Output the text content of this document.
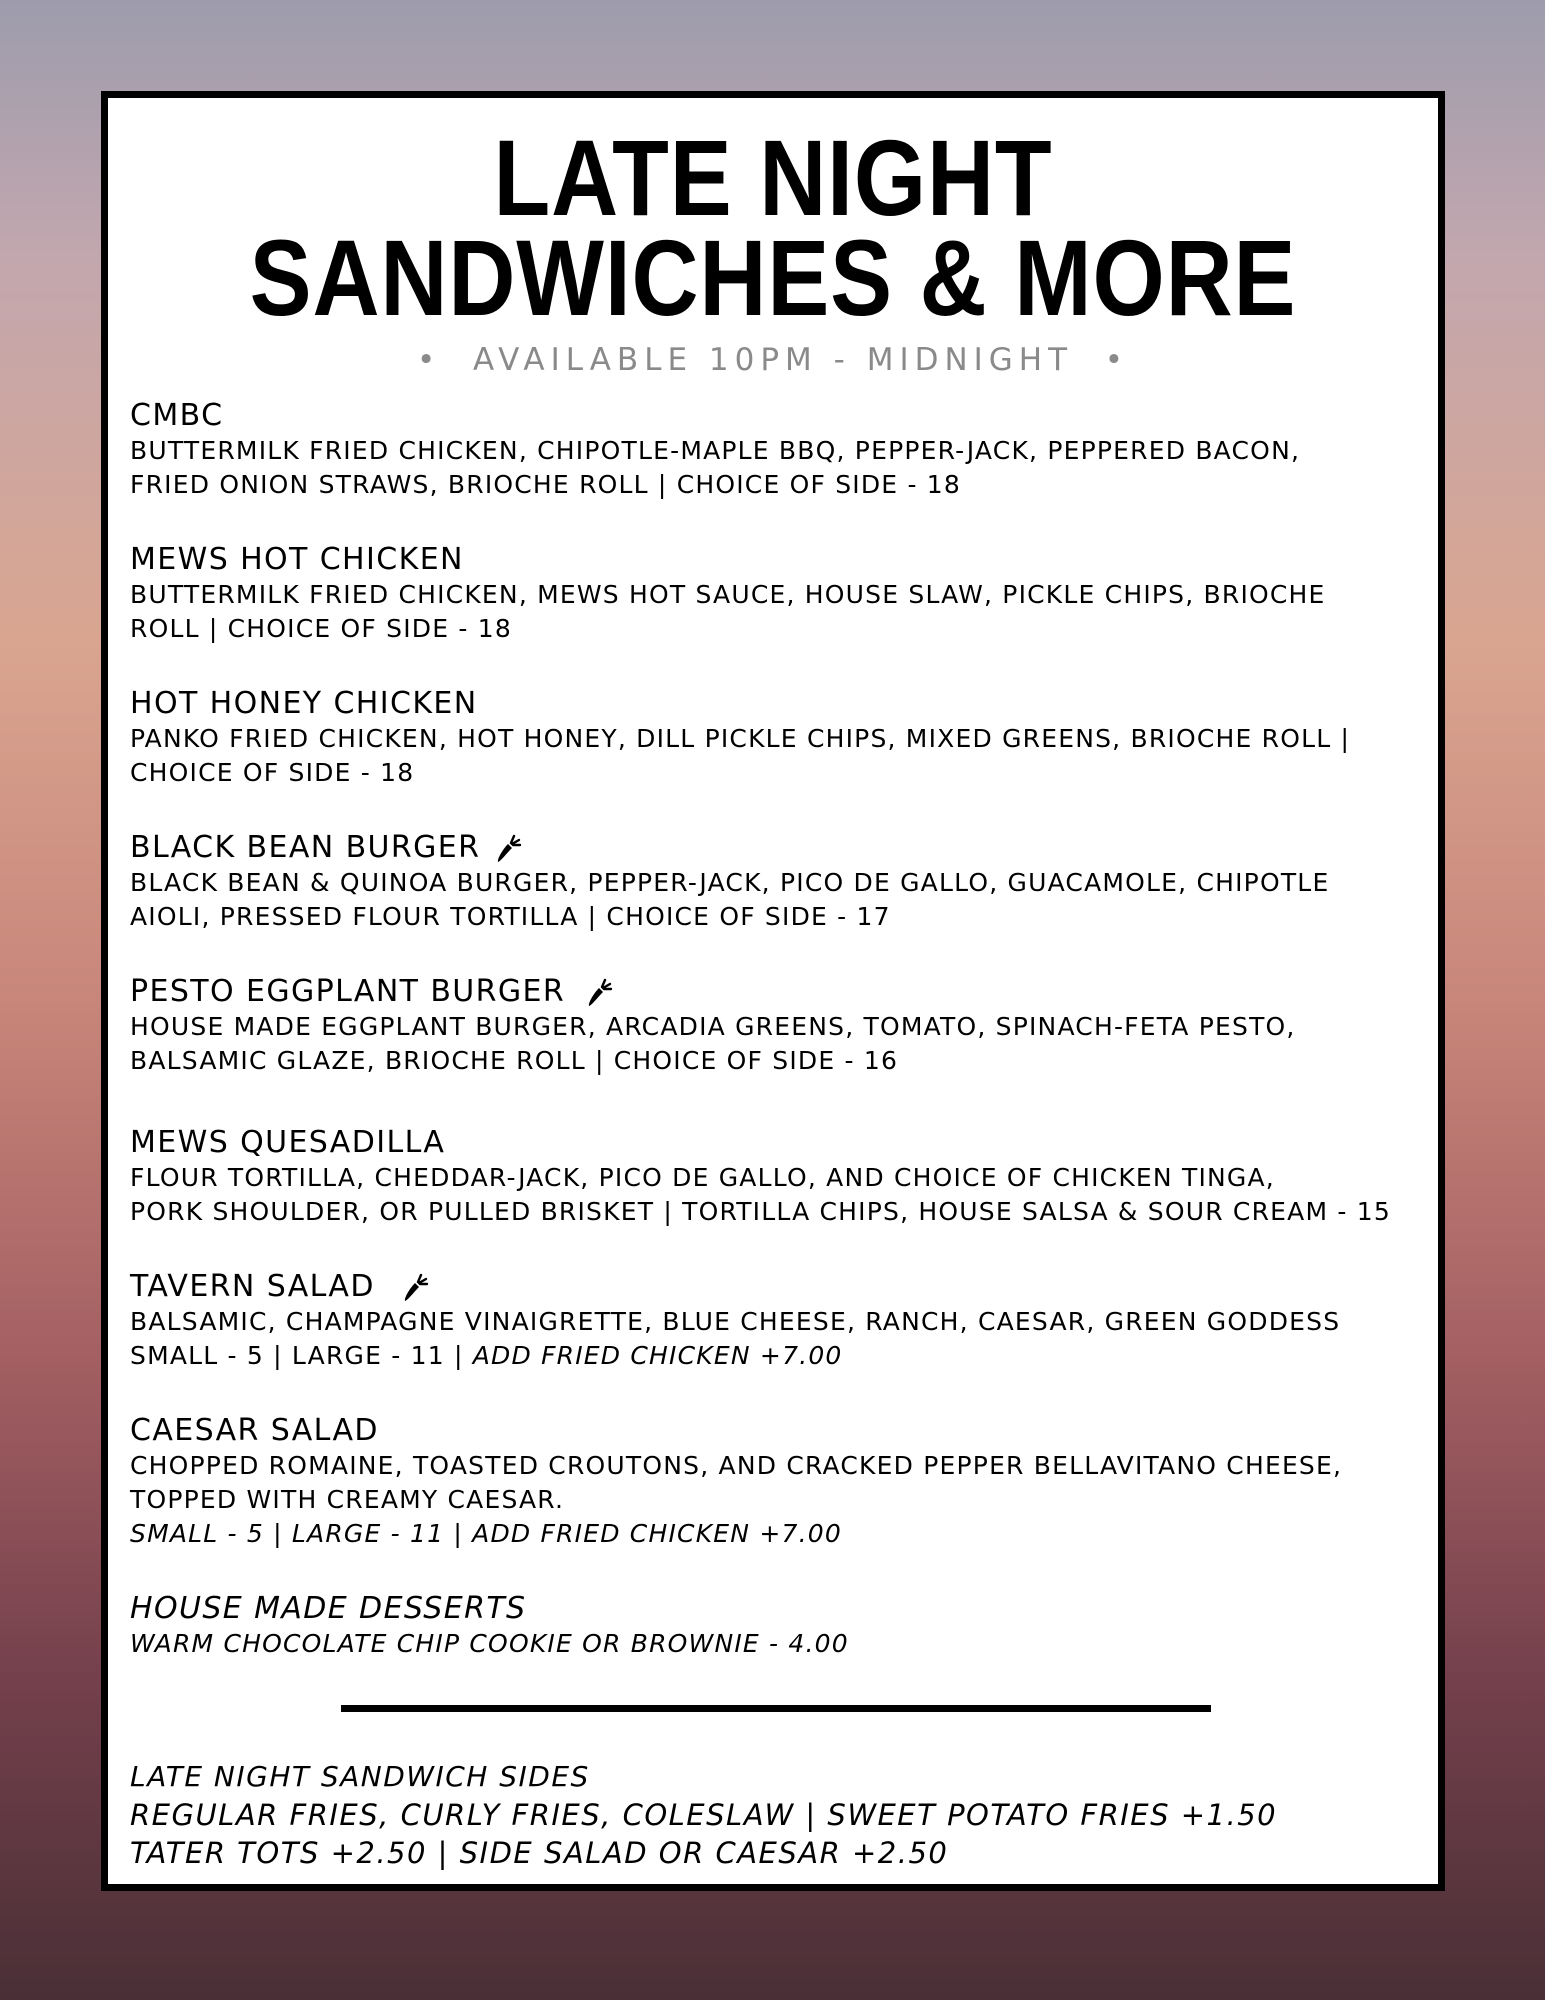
LATE NIGHT
SANDWICHES & MORE
•  AVAILABLE 10PM - MIDNIGHT  •
CMBC
BUTTERMILK FRIED CHICKEN, CHIPOTLE-MAPLE BBQ, PEPPER-JACK, PEPPERED BACON,
FRIED ONION STRAWS, BRIOCHE ROLL | CHOICE OF SIDE - 18
MEWS HOT CHICKEN
BUTTERMILK FRIED CHICKEN, MEWS HOT SAUCE, HOUSE SLAW, PICKLE CHIPS, BRIOCHE
ROLL | CHOICE OF SIDE - 18
HOT HONEY CHICKEN
PANKO FRIED CHICKEN, HOT HONEY, DILL PICKLE CHIPS, MIXED GREENS, BRIOCHE ROLL |
CHOICE OF SIDE - 18
BLACK BEAN BURGER
BLACK BEAN & QUINOA BURGER, PEPPER-JACK, PICO DE GALLO, GUACAMOLE, CHIPOTLE
AIOLI, PRESSED FLOUR TORTILLA | CHOICE OF SIDE - 17
PESTO EGGPLANT BURGER
HOUSE MADE EGGPLANT BURGER, ARCADIA GREENS, TOMATO, SPINACH-FETA PESTO,
BALSAMIC GLAZE, BRIOCHE ROLL | CHOICE OF SIDE - 16
MEWS QUESADILLA
FLOUR TORTILLA, CHEDDAR-JACK, PICO DE GALLO, AND CHOICE OF CHICKEN TINGA,
PORK SHOULDER, OR PULLED BRISKET | TORTILLA CHIPS, HOUSE SALSA & SOUR CREAM - 15
TAVERN SALAD
BALSAMIC, CHAMPAGNE VINAIGRETTE, BLUE CHEESE, RANCH, CAESAR, GREEN GODDESS
SMALL - 5 | LARGE - 11 | ADD FRIED CHICKEN +7.00
CAESAR SALAD
CHOPPED ROMAINE, TOASTED CROUTONS, AND CRACKED PEPPER BELLAVITANO CHEESE,
TOPPED WITH CREAMY CAESAR.
SMALL - 5 | LARGE - 11 | ADD FRIED CHICKEN +7.00
HOUSE MADE DESSERTS
WARM CHOCOLATE CHIP COOKIE OR BROWNIE - 4.00
LATE NIGHT SANDWICH SIDES
REGULAR FRIES, CURLY FRIES, COLESLAW | SWEET POTATO FRIES +1.50
TATER TOTS +2.50 | SIDE SALAD OR CAESAR +2.50
